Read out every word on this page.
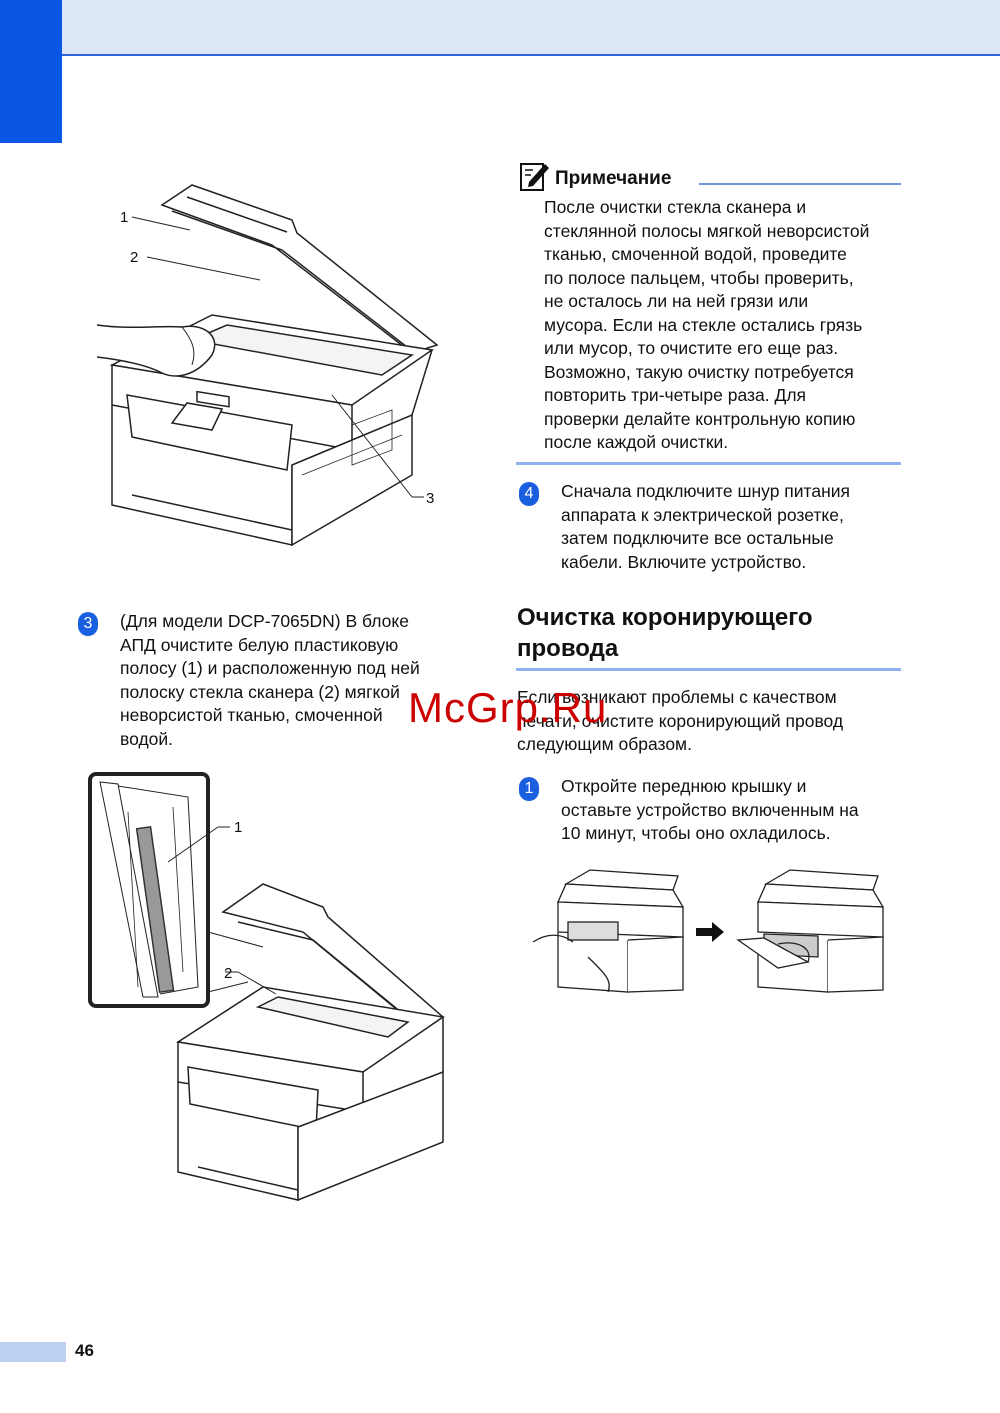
1
2
3
3	(Для модели DCP-7065DN) В блоке
АПД очистите белую пластиковую
полосу (1) и расположенную под ней
полоску стекла сканера (2) мягкой
неворсистой тканью, смоченной
водой.
1
2
Примечание
После очистки стекла сканера и
стеклянной полосы мягкой неворсистой
тканью, смоченной водой, проведите
по полосе пальцем, чтобы проверить,
не осталось ли на ней грязи или
мусора. Если на стекле остались грязь
или мусор, то очистите его еще раз.
Возможно, такую очистку потребуется
повторить три-четыре раза. Для
проверки делайте контрольную копию
после каждой очистки.
4	Сначала подключите шнур питания
аппарата к электрической розетке,
затем подключите все остальные
кабели. Включите устройство.
Очистка коронирующего
провода
Если возникают проблемы с качеством
печати, очистите коронирующий провод
следующим образом.
1	Откройте переднюю крышку и
оставьте устройство включенным на
10 минут, чтобы оно охладилось.
McGrp.Ru
46
